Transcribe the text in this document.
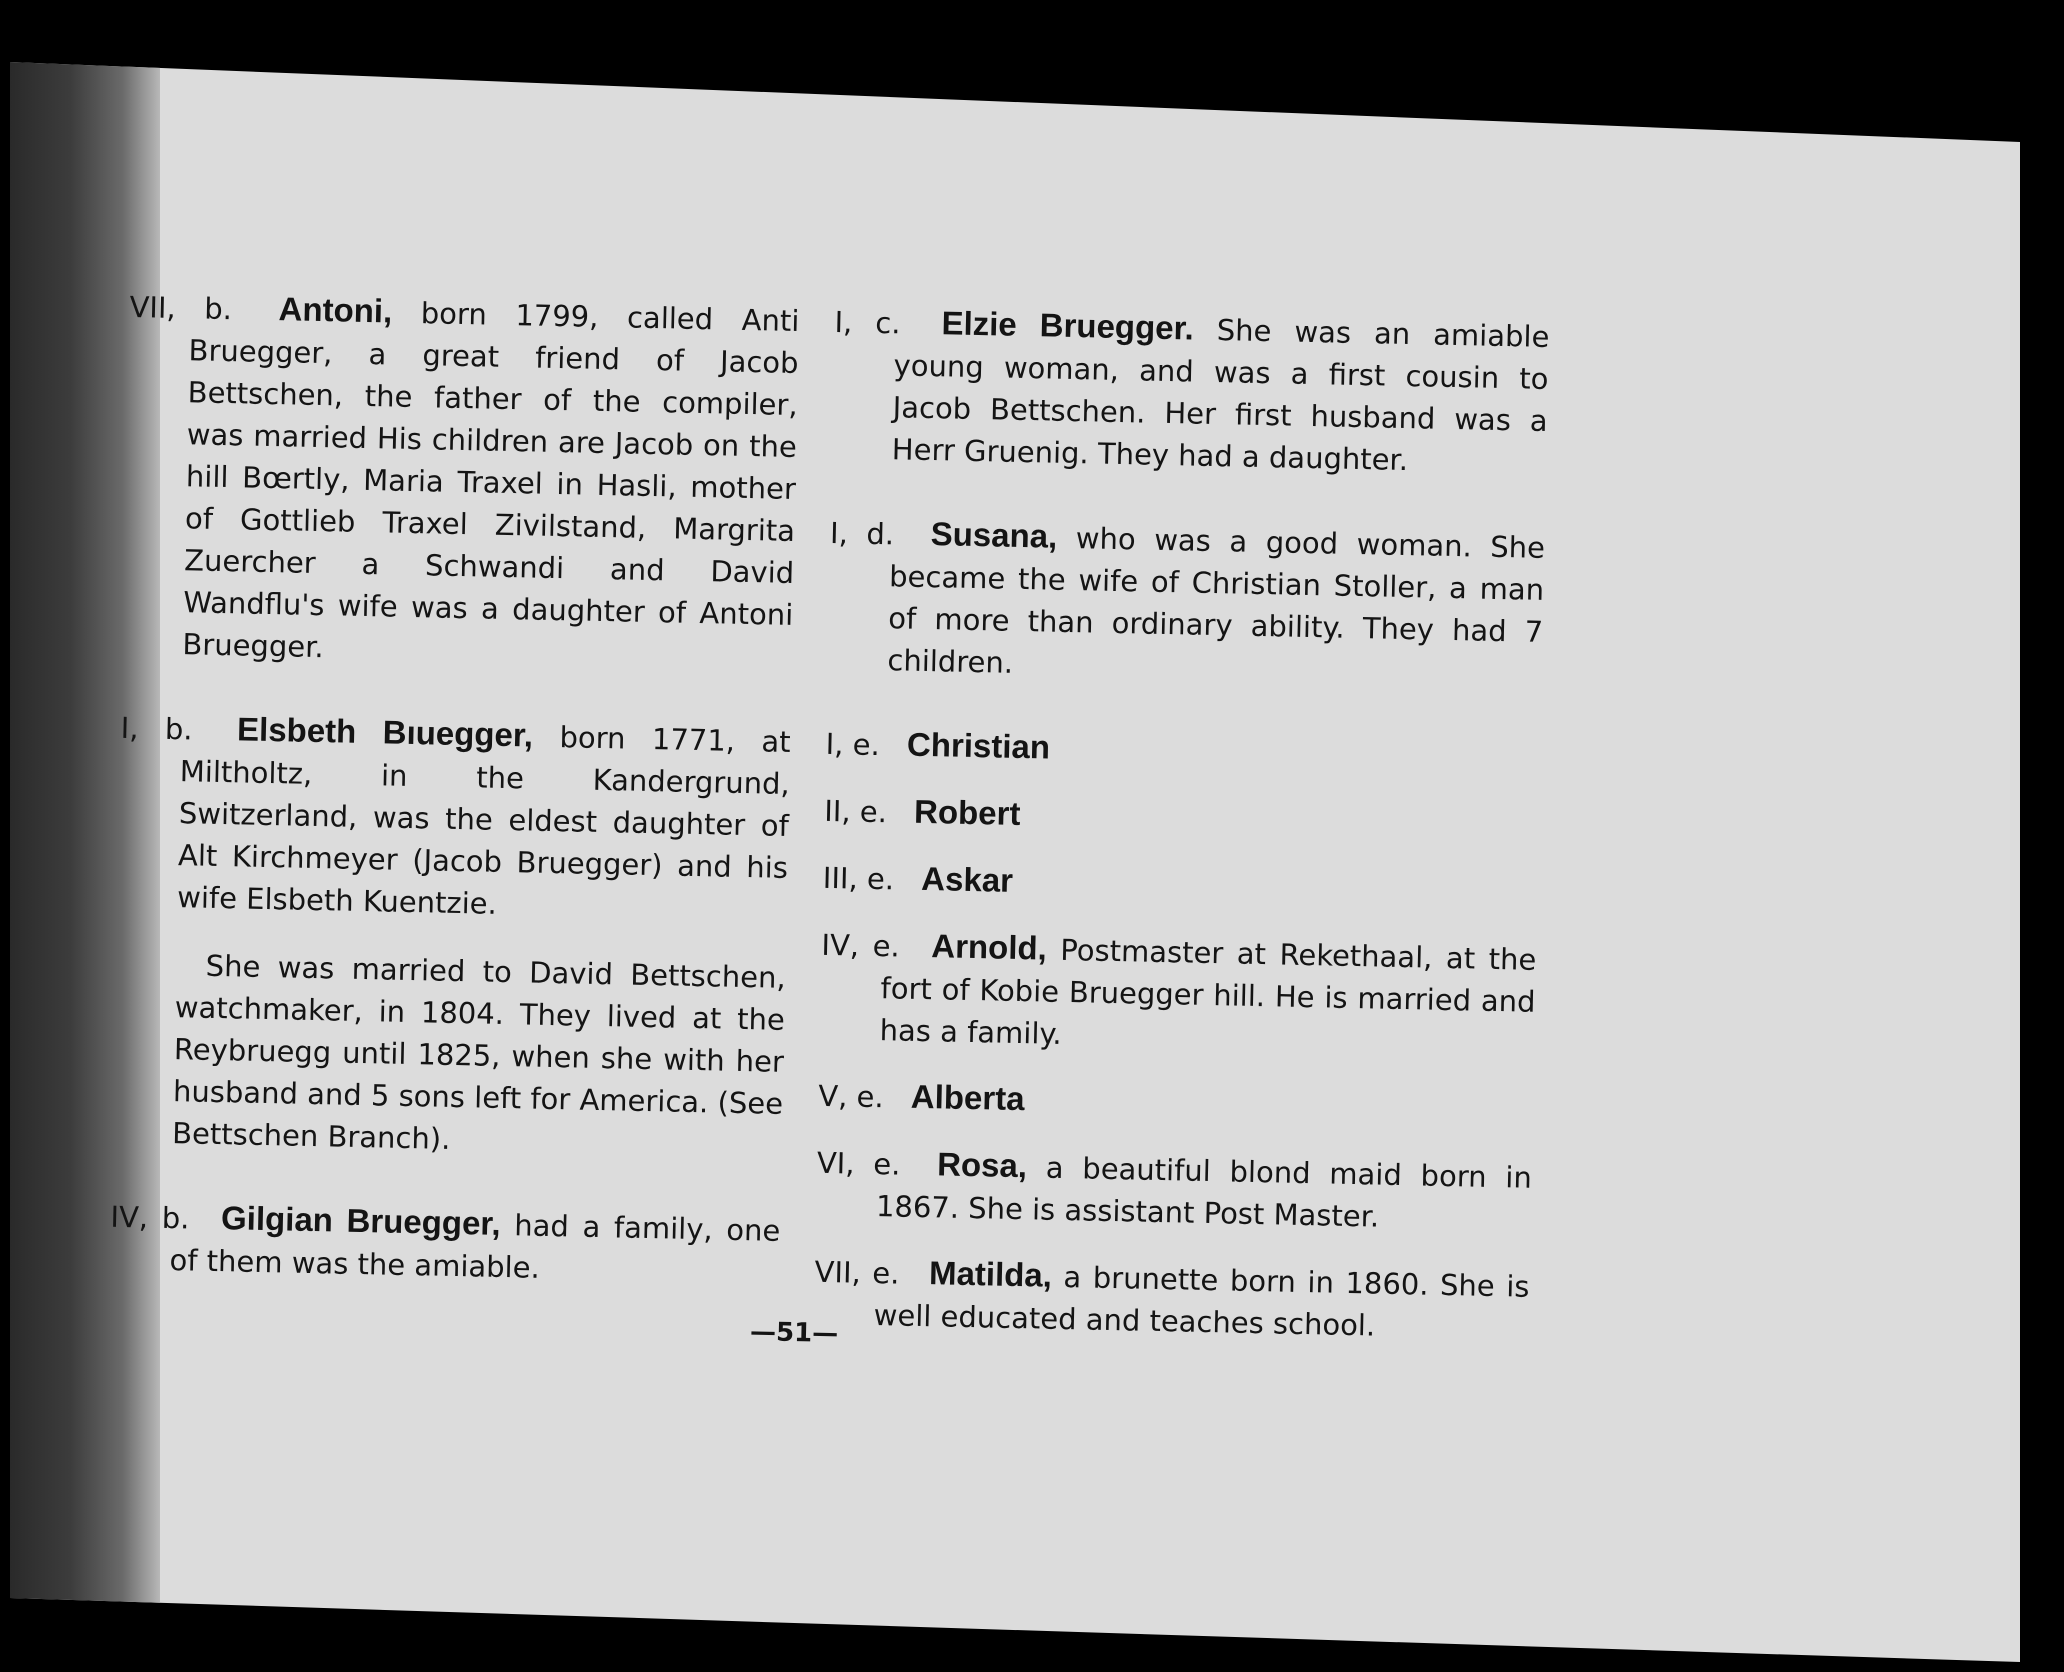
VII, b. Antoni, born 1799, called Anti Bruegger, a great friend of Jacob Bettschen, the father of the compiler, was married His children are Jacob on the hill Bœrtly, Maria Traxel in Hasli, mother of Gottlieb Traxel Zivilstand, Margrita Zuercher a Schwandi and David Wandflu's wife was a daughter of Antoni Bruegger.

I, b. Elsbeth Bıuegger, born 1771, at Miltholtz, in the Kandergrund, Switzerland, was the eldest daughter of Alt Kirchmeyer (Jacob Bruegger) and his wife Elsbeth Kuentzie.

She was married to David Bettschen, watchmaker, in 1804. They lived at the Reybruegg until 1825, when she with her husband and 5 sons left for America. (See Bettschen Branch).

IV, b. Gilgian Bruegger, had a family, one of them was the amiable.
I, c. Elzie Bruegger. She was an amiable young woman, and was a first cousin to Jacob Bettschen. Her first husband was a Herr Gruenig. They had a daughter.
I, d. Susana, who was a good woman. She became the wife of Christian Stoller, a man of more than ordinary ability. They had 7 children.
I, e. Christian
II, e. Robert
III, e. Askar
IV, e. Arnold, Postmaster at Rekethaal, at the fort of Kobie Bruegger hill. He is married and has a family.
V, e. Alberta
VI, e. Rosa, a beautiful blond maid born in 1867. She is assistant Post Master.
VII, e. Matilda, a brunette born in 1860. She is well educated and teaches school.
—51—
